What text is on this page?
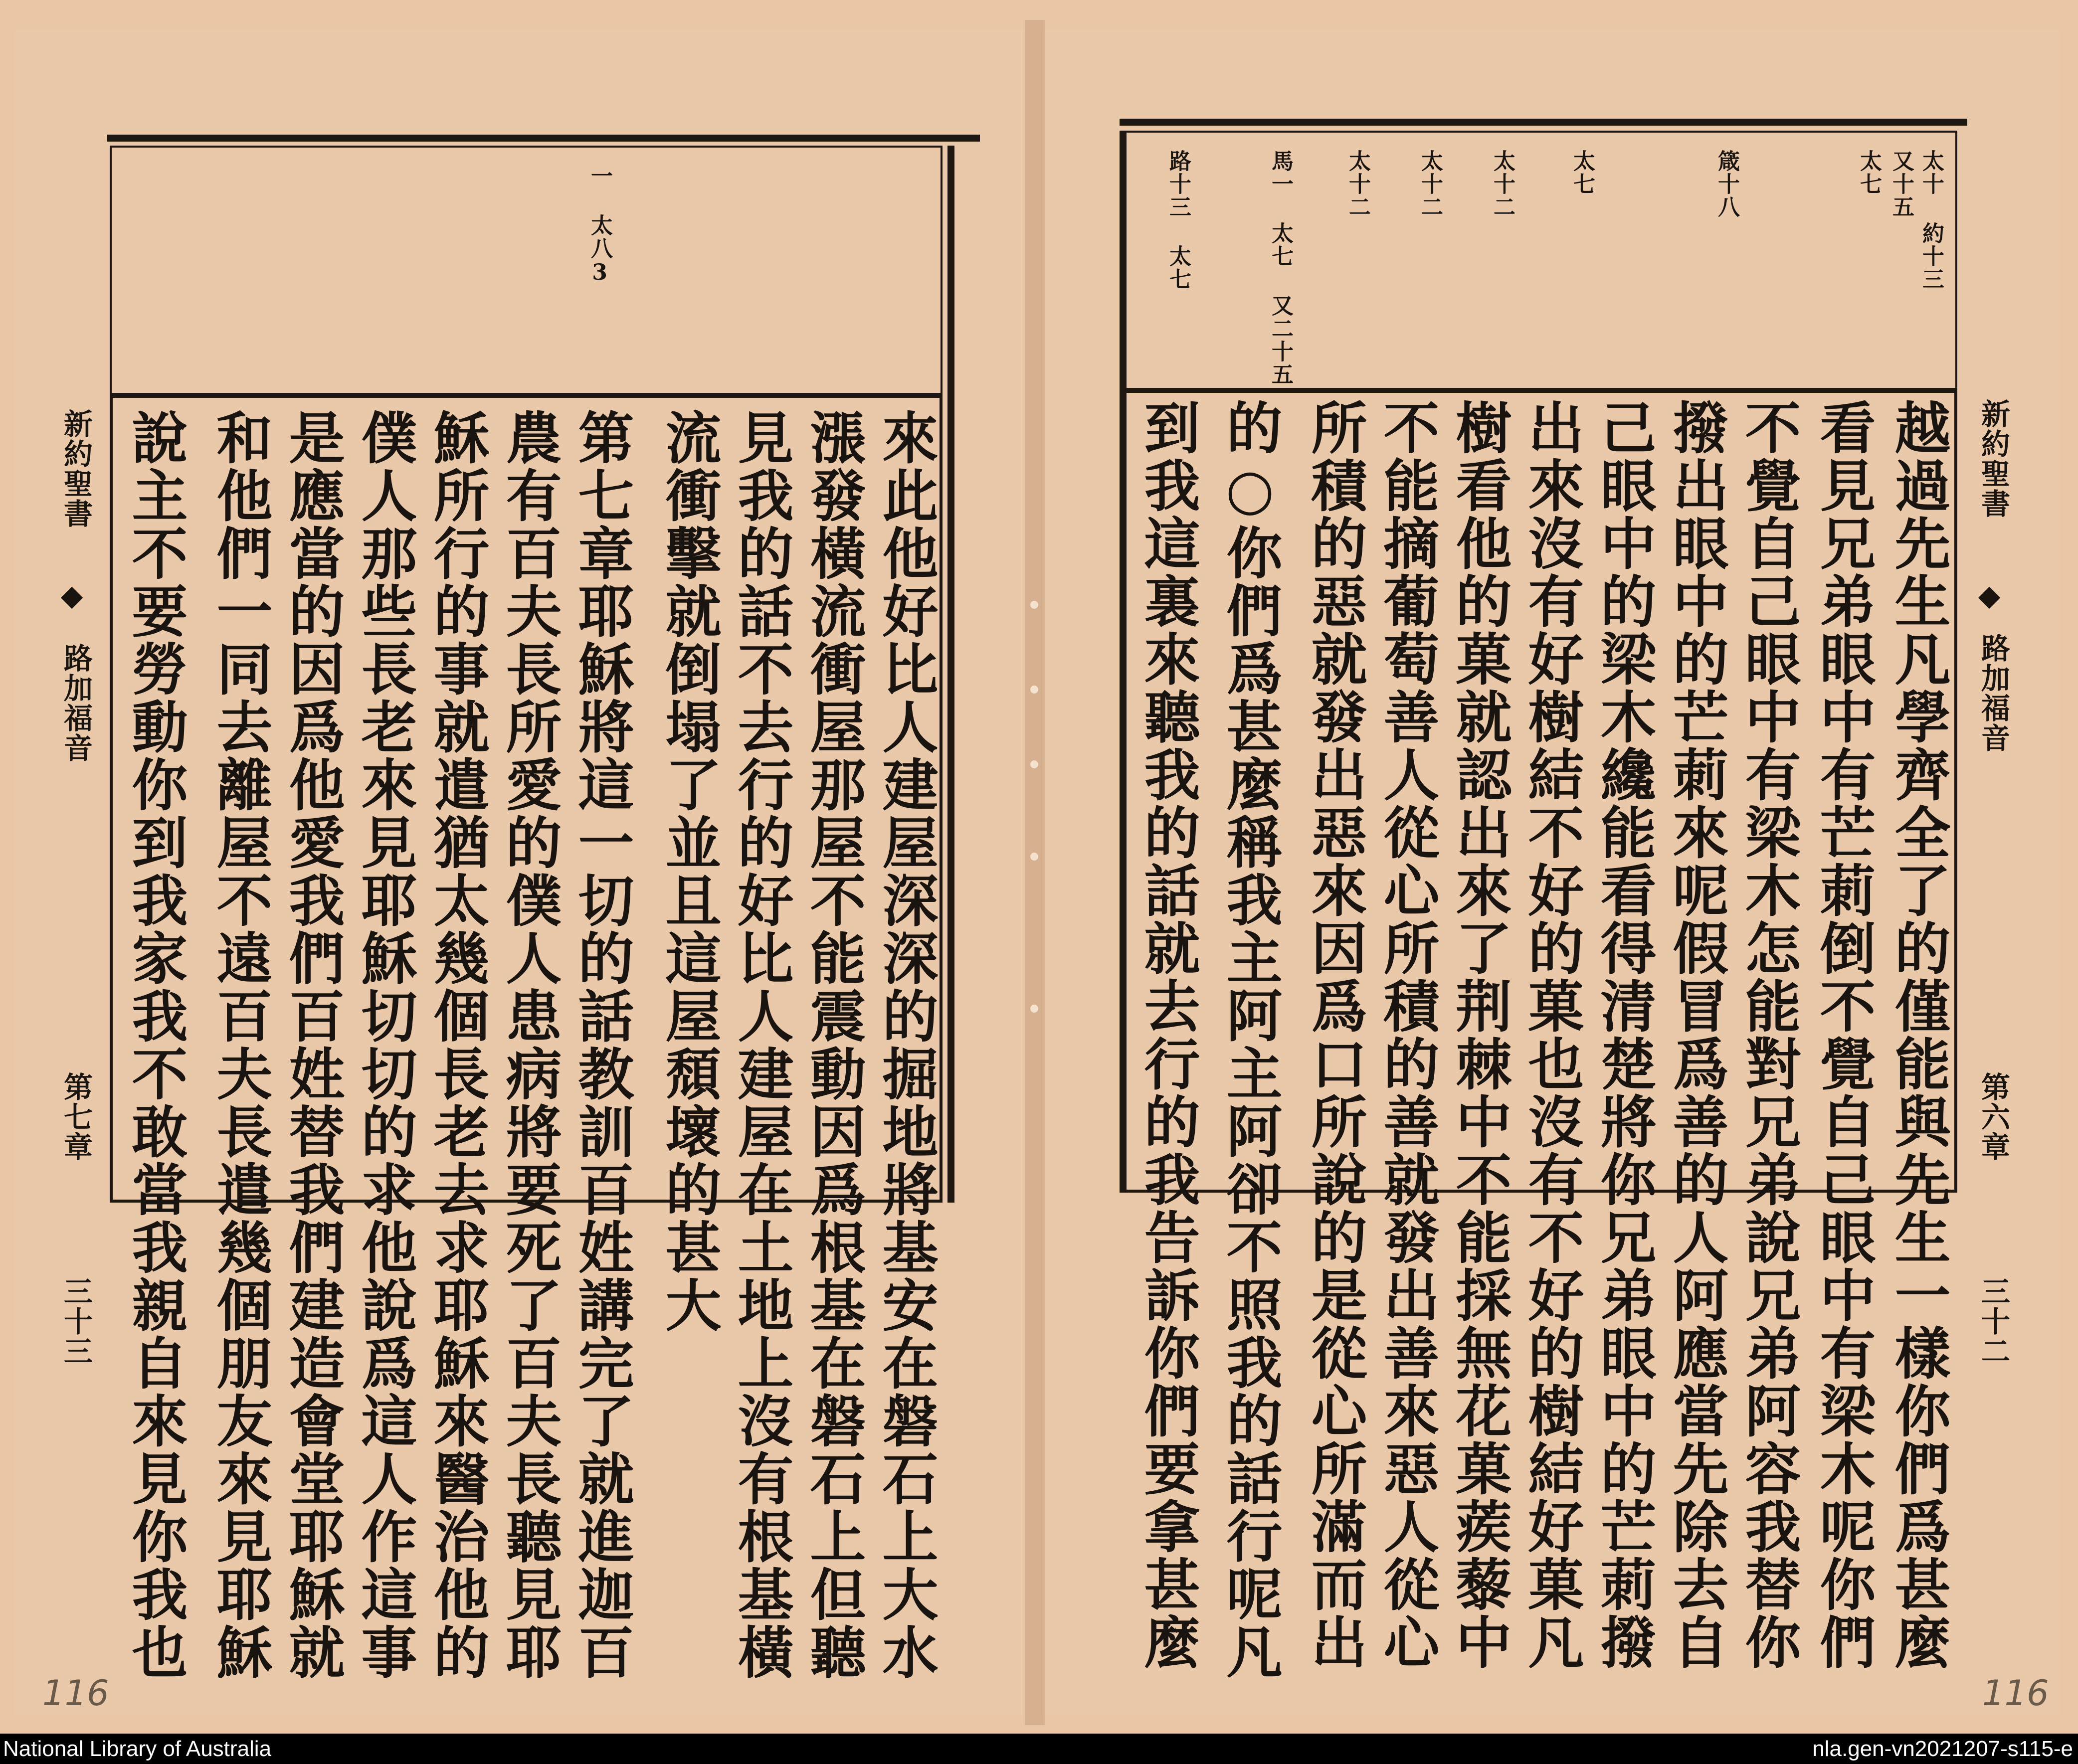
一 太八3
來此他好比人建屋深深的掘地將基安在磐石上大水
漲發橫流衝屋那屋不能震動因爲根基在磐石上但聽
見我的話不去行的好比人建屋在土地上沒有根基橫
流衝擊就倒塌了並且這屋頹壞的甚大
第七章耶穌將這一切的話教訓百姓講完了就進迦百
農有百夫長所愛的僕人患病將要死了百夫長聽見耶
穌所行的事就遣猶太幾個長老去求耶穌來醫治他的
僕人那些長老來見耶穌切切的求他說爲這人作這事
是應當的因爲他愛我們百姓替我們建造會堂耶穌就
和他們一同去離屋不遠百夫長遣幾個朋友來見耶穌
說主不要勞動你到我家我不敢當我親自來見你我也
新約聖書
◆
路加福音
第七章
三十三
116
太十 約十三
又十五
太七
箴十八
太七
太十二
太十二
太十二
馬一 太七 又二十五
路十三 太七
越過先生凡學齊全了的僅能與先生一樣你們爲甚麼
看見兄弟眼中有芒莿倒不覺自己眼中有梁木呢你們
不覺自己眼中有梁木怎能對兄弟說兄弟阿容我替你
撥出眼中的芒莿來呢假冒爲善的人阿應當先除去自
己眼中的梁木纔能看得清楚將你兄弟眼中的芒莿撥
出來沒有好樹結不好的菓也沒有不好的樹結好菓凡
樹看他的菓就認出來了荆棘中不能採無花菓蒺藜中
不能摘葡萄善人從心所積的善就發出善來惡人從心
所積的惡就發出惡來因爲口所說的是從心所滿而出
的○你們爲甚麼稱我主阿主阿卻不照我的話行呢凡
到我這裏來聽我的話就去行的我告訴你們要拿甚麼	新約聖書
◆
路加福音
第六章
三十二
116
National Library of Australia	nla.gen-vn2021207-s115-e
